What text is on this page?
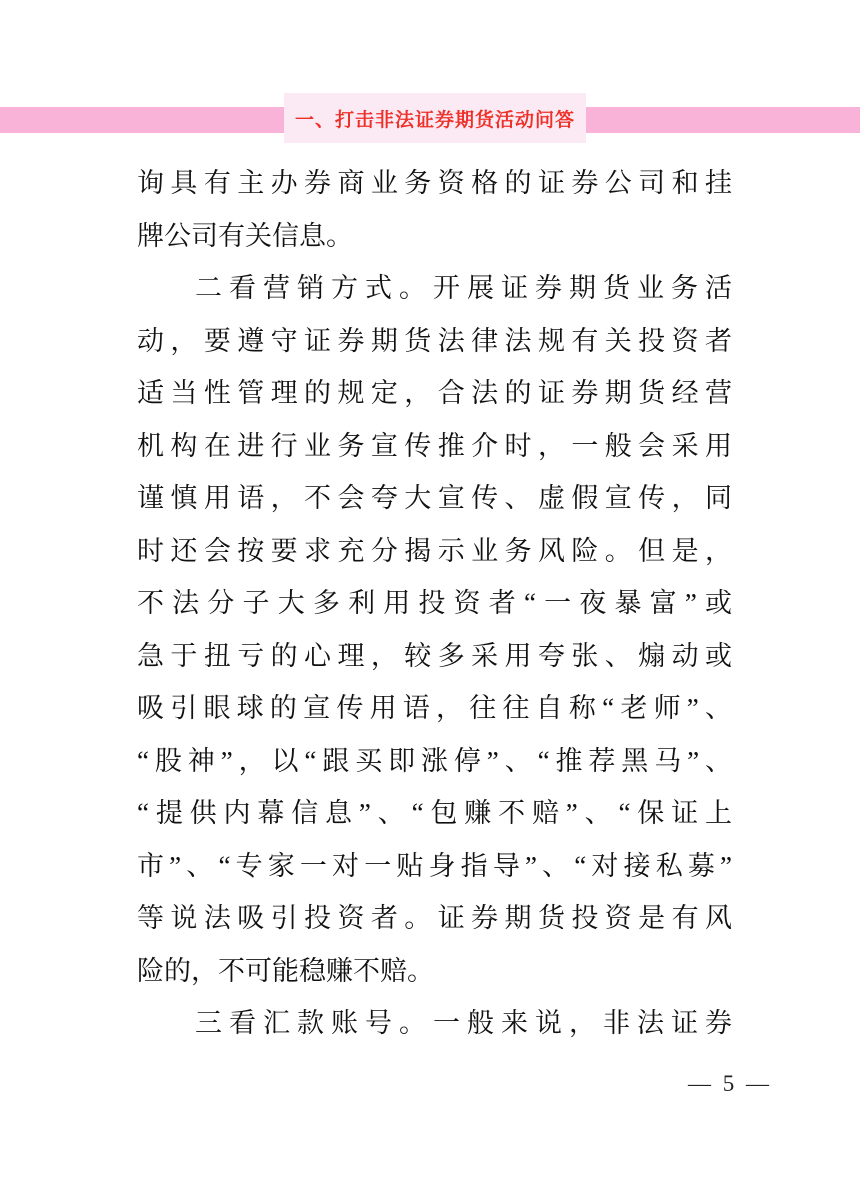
一、打击非法证券期货活动问答
询具有主办券商业务资格的证券公司和挂
牌公司有关信息。
二看营销方式。开展证券期货业务活
动，要遵守证券期货法律法规有关投资者
适当性管理的规定，合法的证券期货经营
机构在进行业务宣传推介时，一般会采用
谨慎用语，不会夸大宣传、虚假宣传，同
时还会按要求充分揭示业务风险。但是，
不法分子大多利用投资者“一夜暴富”或
急于扭亏的心理，较多采用夸张、煽动或
吸引眼球的宣传用语，往往自称“老师”、
“股神”，以“跟买即涨停”、“推荐黑马”、
“提供内幕信息”、“包赚不赔”、“保证上
市”、“专家一对一贴身指导”、“对接私募”
等说法吸引投资者。证券期货投资是有风
险的，不可能稳赚不赔。
三看汇款账号。一般来说，非法证券
— 5 —
